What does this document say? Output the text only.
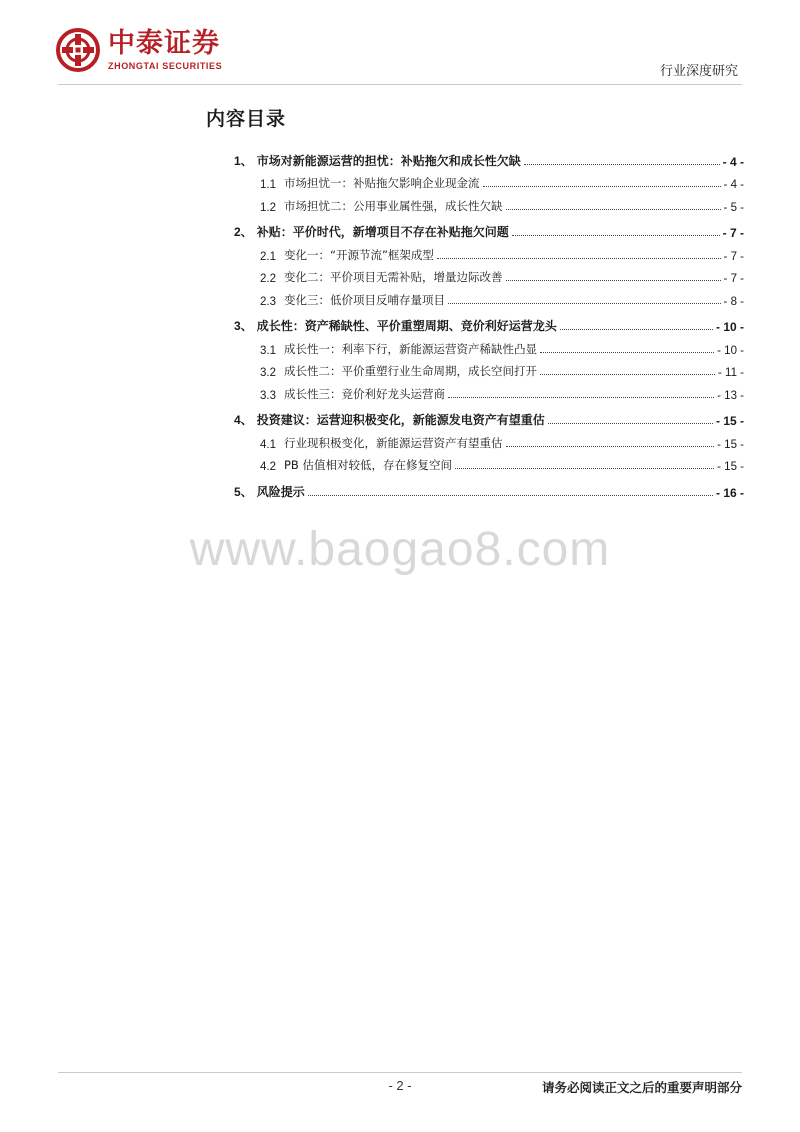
中泰证券
ZHONGTAI SECURITIES	行业深度研究
内容目录
1、 市场对新能源运营的担忧：补贴拖欠和成长性欠缺	- 4 -
1.1 市场担忧一：补贴拖欠影响企业现金流	- 4 -
1.2 市场担忧二：公用事业属性强，成长性欠缺	- 5 -
2、 补贴：平价时代，新增项目不存在补贴拖欠问题	- 7 -
2.1 变化一：“开源节流”框架成型	- 7 -
2.2 变化二：平价项目无需补贴，增量边际改善	- 7 -
2.3 变化三：低价项目反哺存量项目	- 8 -
3、 成长性：资产稀缺性、平价重塑周期、竞价利好运营龙头	- 10 -
3.1 成长性一：利率下行，新能源运营资产稀缺性凸显	- 10 -
3.2 成长性二：平价重塑行业生命周期，成长空间打开	- 11 -
3.3 成长性三：竞价利好龙头运营商	- 13 -
4、 投资建议：运营迎积极变化，新能源发电资产有望重估	- 15 -
4.1 行业现积极变化，新能源运营资产有望重估	- 15 -
4.2 PB 估值相对较低，存在修复空间	- 15 -
5、 风险提示	- 16 -
www.baogao8.com
- 2 -	请务必阅读正文之后的重要声明部分
